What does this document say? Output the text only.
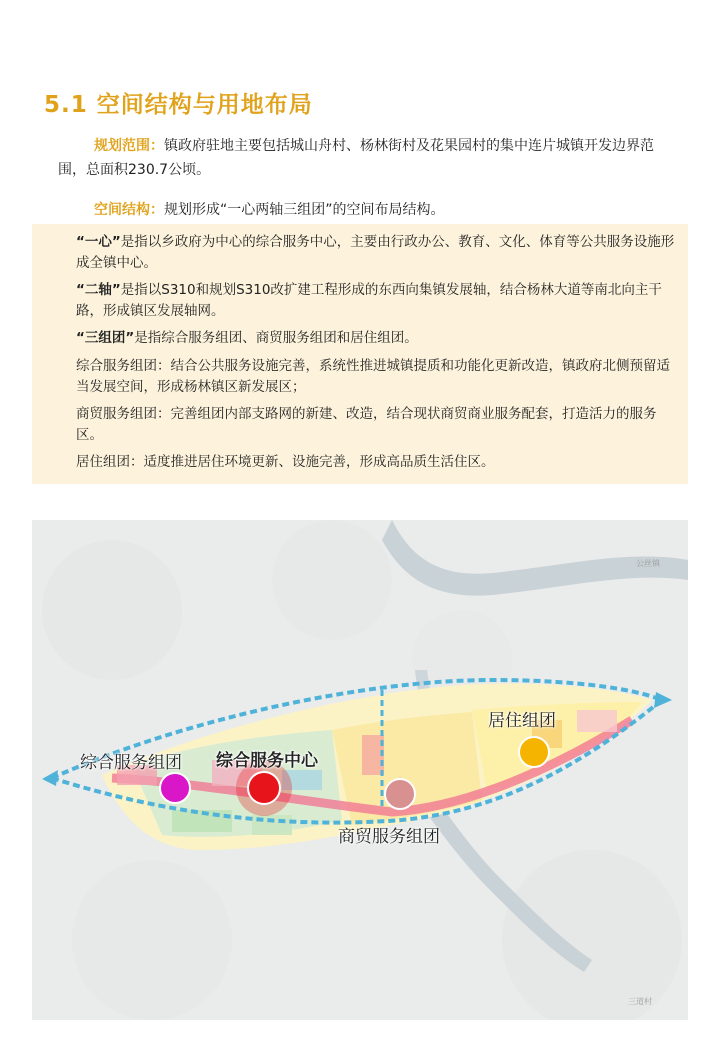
5.1 空间结构与用地布局
规划范围：镇政府驻地主要包括城山舟村、杨林街村及花果园村的集中连片城镇开发边界范围，总面积230.7公顷。
空间结构：规划形成“一心两轴三组团”的空间布局结构。

“一心”是指以乡政府为中心的综合服务中心，主要由行政办公、教育、文化、体育等公共服务设施形成全镇中心。

“二轴”是指以S310和规划S310改扩建工程形成的东西向集镇发展轴，结合杨林大道等南北向主干路，形成镇区发展轴网。

“三组团”是指综合服务组团、商贸服务组团和居住组团。

综合服务组团：结合公共服务设施完善，系统性推进城镇提质和功能化更新改造，镇政府北侧预留适当发展空间，形成杨林镇区新发展区；

商贸服务组团：完善组团内部支路网的新建、改造，结合现状商贸商业服务配套，打造活力的服务区。

居住组团：适度推进居住环境更新、设施完善，形成高品质生活住区。

综合服务组团 综合服务中心
商贸服务组团
居住组团
公丝镇
三道村
